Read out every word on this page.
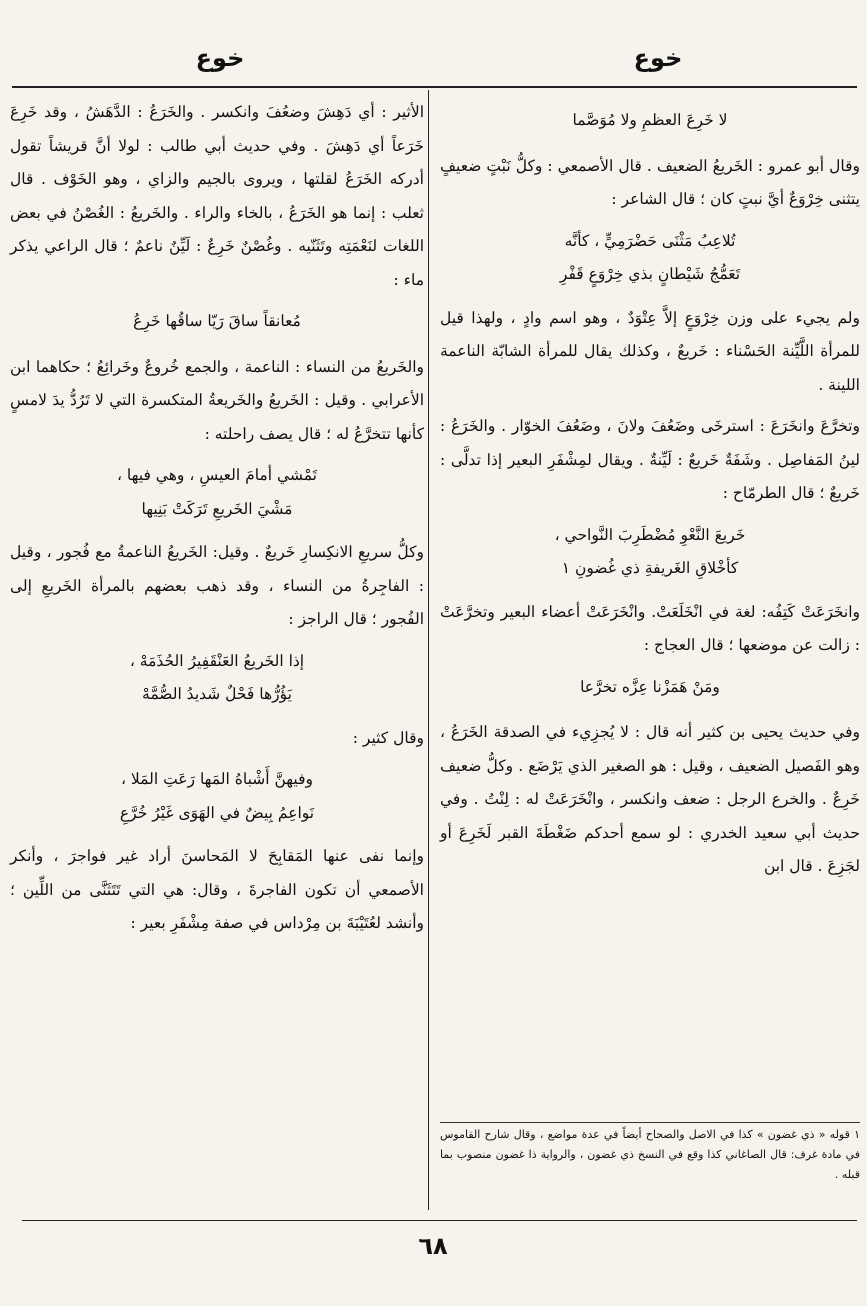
خوع
خوع
لا خَرِعَ العظمِ ولا مُوَصَّما

وقال أبو عمرو : الخَريعُ الضعيف . قال الأصمعي : وكلُّ نَبْتٍ ضعيفٍ يتثنى خِرْوَعٌ أيَّ نبتٍ كان ؛ قال الشاعر :

تُلاعِبُ مَثْنَى حَضْرَمِيٍّ ، كأنَّه
تَعَمُّجُ شَيْطانٍ بذي خِرْوَعٍ قَفْرِ

ولم يجيء على وزن خِرْوَعٍ إلاَّ عِتْوَدٌ ، وهو اسم وادٍ ، ولهذا قيل للمرأة اللَّيِّنة الحَسْناء : خَريعٌ ، وكذلك يقال للمرأة الشابّة الناعمة اللينة .

وتخرَّعَ وانخَرَعَ : استرخَى وضَعُفَ ولانَ ، وضَعُفَ الخوّار . والخَرَعُ : لينُ المَفاصِل . وشَفَةٌ خَريعٌ : لَيِّنةٌ . ويقال لمِشْفَرِ البعير إذا تدلَّى : خَريعٌ ؛ قال الطرمّاح :

خَريعَ النَّعْوِ مُضْطَرِبَ النَّواحي ،
كأخْلاقِ الغَريفةِ ذي غُضونِ ١

وانخَرَعَتْ كَتِفُه: لغة في انْخَلَعَتْ. وانْخَرَعَتْ أعضاء البعير وتخرَّعَتْ : زالت عن موضعها ؛ قال العجاج :

ومَنْ هَمَزْنا عِزَّه تخرَّعا

وفي حديث يحيى بن كثير أنه قال : لا يُجزِيء في الصدقة الخَرَعُ ، وهو الفَصيل الضعيف ، وقيل : هو الصغير الذي يَرْضَع . وكلُّ ضعيف خَرِعٌ . والخرع الرجل : ضعف وانكسر ، وانْخَرَعَتْ له : لِنْتُ . وفي حديث أبي سعيد الخدري : لو سمع أحدكم ضَغْطَةَ القبر لَخَرِعَ أو لجَزِعَ . قال ابن

١ قوله « ذي غضون » كذا في الاصل والصحاح أيضاً في عدة مواضع ، وقال شارح القاموس في مادة غرف: قال الصاغاني كذا وقع في النسخ ذي غضون ، والرواية ذا غضون منصوب بما قبله .

الأثير : أي دَهِشَ وضعُفَ وانكسر . والخَرَعُ : الدَّهَشُ ، وقد خَرِعَ خَرَعاً أي دَهِشَ . وفي حديث أبي طالب : لولا أنَّ قريشاً تقول أدركه الخَرَعُ لقلتها ، ويروى بالجيم والزاي ، وهو الخَوْف . قال ثعلب : إنما هو الخَرَعُ ، بالخاء والراء . والخَريعُ : الغُصْنُ في بعض اللغات لنَعْمَتِه وتَثَنّيه . وغُصْنٌ خَرِعٌ : لَيِّنٌ ناعمٌ ؛ قال الراعي يذكر ماء :

مُعانقاً ساقَ رَيّا ساقُها خَرِعُ

والخَريعُ من النساء : الناعمة ، والجمع خُروعٌ وخَرائِعُ ؛ حكاهما ابن الأعرابي . وقيل : الخَريعُ والخَريعةُ المتكسرة التي لا تَرُدُّ يدَ لامسٍ كأنها تتخرَّعُ له ؛ قال يصف راحلته :

تَمْشي أمامَ العيسِ ، وهي فيها ،
مَشْيَ الخَريعِ تَرَكَتْ بَنِيها

وكلُّ سريعِ الانكِسارِ خَريعٌ . وقيل: الخَريعُ الناعمةُ مع فُجور ، وقيل : الفاجِرةُ من النساء ، وقد ذهب بعضهم بالمرأة الخَريعِ إلى الفُجور ؛ قال الراجز :

إذا الخَريعُ العَنْقَفِيرُ الحُذَمَهْ ،
يَؤُرُّها فَحْلٌ شَديدُ الصُّمَّهْ

وقال كثير :

وفيهنَّ أَشْباهُ المَها رَعَتِ المَلا ،
نَواعِمُ بِيضٌ في الهَوَى غَيْرُ خُرَّعِ

وإنما نفى عنها المَقابِحَ لا المَحاسنَ أراد غير فواجرَ ، وأنكر الأصمعي أن تكون الفاجرةَ ، وقال: هي التي تَتَثَنَّى من اللِّين ؛ وأنشد لعُتَيْبَةَ بن مِرْداس في صفة مِشْفَرِ بعير :

٦٨
